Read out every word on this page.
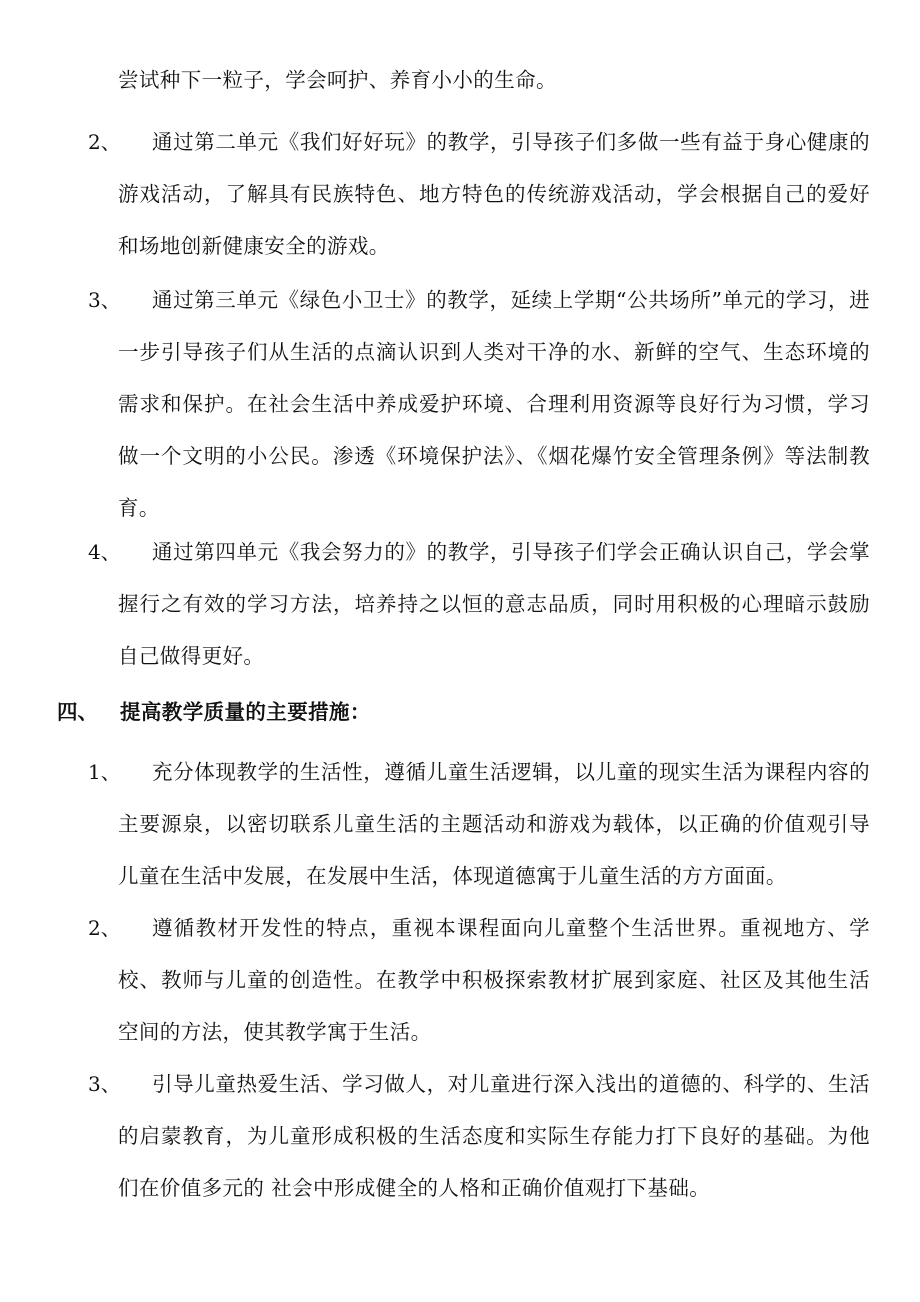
尝试种下一粒子，学会呵护、养育小小的生命。
2、	通过第二单元《我们好好玩》的教学，引导孩子们多做一些有益于身心健康的游戏活动，了解具有民族特色、地方特色的传统游戏活动，学会根据自己的爱好和场地创新健康安全的游戏。
3、	通过第三单元《绿色小卫士》的教学，延续上学期“公共场所”单元的学习，进一步引导孩子们从生活的点滴认识到人类对干净的水、新鲜的空气、生态环境的需求和保护。在社会生活中养成爱护环境、合理利用资源等良好行为习惯，学习做一个文明的小公民。渗透《环境保护法》、《烟花爆竹安全管理条例》等法制教育。
4、	通过第四单元《我会努力的》的教学，引导孩子们学会正确认识自己，学会掌握行之有效的学习方法，培养持之以恒的意志品质，同时用积极的心理暗示鼓励自己做得更好。
四、 提高教学质量的主要措施：
1、	充分体现教学的生活性，遵循儿童生活逻辑，以儿童的现实生活为课程内容的主要源泉，以密切联系儿童生活的主题活动和游戏为载体，以正确的价值观引导儿童在生活中发展，在发展中生活，体现道德寓于儿童生活的方方面面。
2、	遵循教材开发性的特点，重视本课程面向儿童整个生活世界。重视地方、学校、教师与儿童的创造性。在教学中积极探索教材扩展到家庭、社区及其他生活空间的方法，使其教学寓于生活。
3、	引导儿童热爱生活、学习做人，对儿童进行深入浅出的道德的、科学的、生活的启蒙教育，为儿童形成积极的生活态度和实际生存能力打下良好的基础。为他们在价值多元的 社会中形成健全的人格和正确价值观打下基础。
